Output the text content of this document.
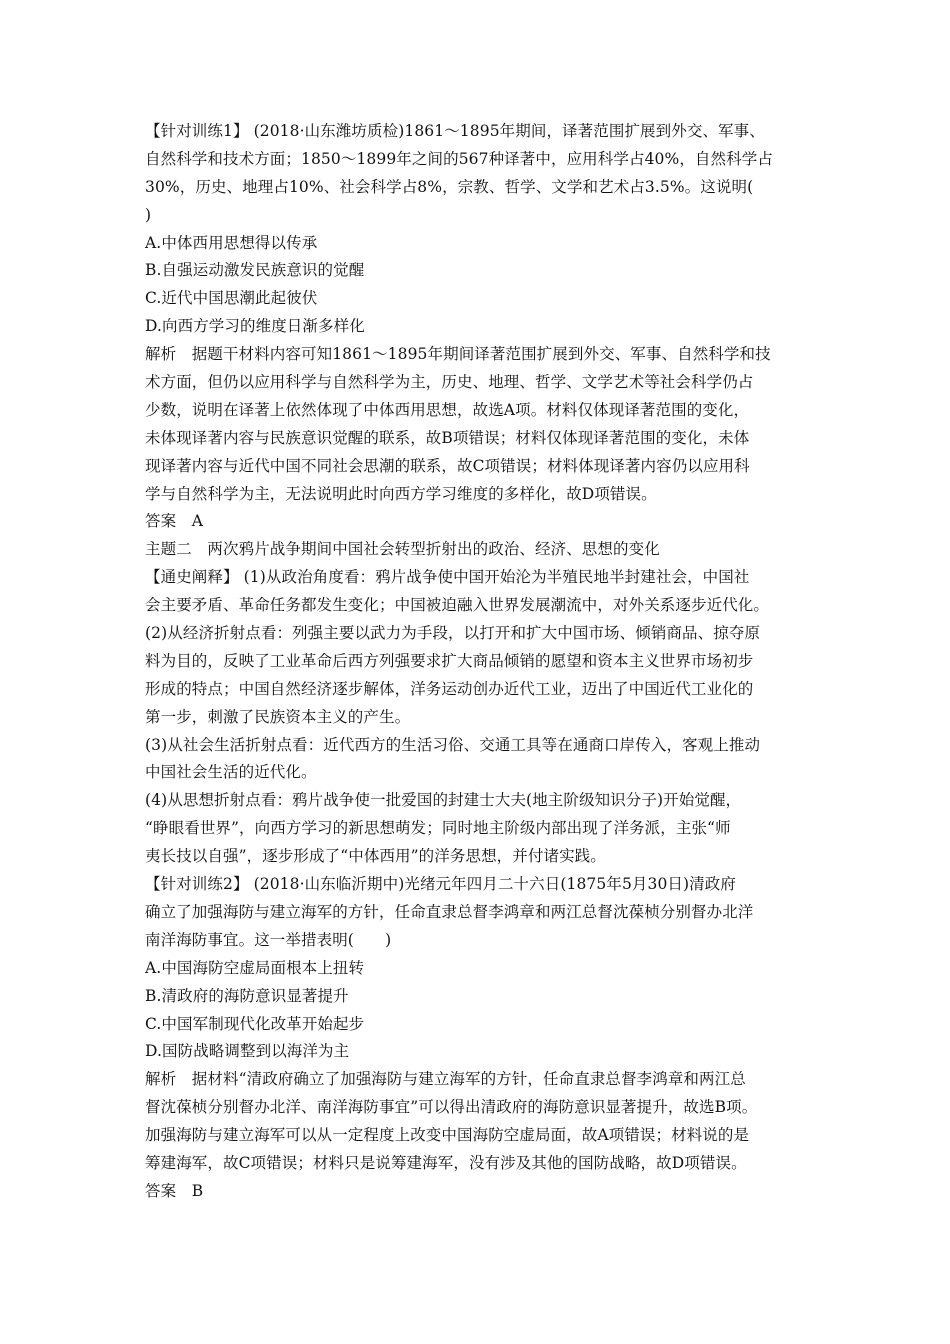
【针对训练1】 (2018·山东潍坊质检)1861～1895年期间，译著范围扩展到外交、军事、
自然科学和技术方面；1850～1899年之间的567种译著中，应用科学占40%，自然科学占
30%，历史、地理占10%、社会科学占8%，宗教、哲学、文学和艺术占3.5%。这说明(
)
A.中体西用思想得以传承
B.自强运动激发民族意识的觉醒
C.近代中国思潮此起彼伏
D.向西方学习的维度日渐多样化
解析　据题干材料内容可知1861～1895年期间译著范围扩展到外交、军事、自然科学和技
术方面，但仍以应用科学与自然科学为主，历史、地理、哲学、文学艺术等社会科学仍占
少数，说明在译著上依然体现了中体西用思想，故选A项。材料仅体现译著范围的变化，
未体现译著内容与民族意识觉醒的联系，故B项错误；材料仅体现译著范围的变化，未体
现译著内容与近代中国不同社会思潮的联系，故C项错误；材料体现译著内容仍以应用科
学与自然科学为主，无法说明此时向西方学习维度的多样化，故D项错误。
答案　A
主题二　两次鸦片战争期间中国社会转型折射出的政治、经济、思想的变化
【通史阐释】 (1)从政治角度看：鸦片战争使中国开始沦为半殖民地半封建社会，中国社
会主要矛盾、革命任务都发生变化；中国被迫融入世界发展潮流中，对外关系逐步近代化。
(2)从经济折射点看：列强主要以武力为手段，以打开和扩大中国市场、倾销商品、掠夺原
料为目的，反映了工业革命后西方列强要求扩大商品倾销的愿望和资本主义世界市场初步
形成的特点；中国自然经济逐步解体，洋务运动创办近代工业，迈出了中国近代工业化的
第一步，刺激了民族资本主义的产生。
(3)从社会生活折射点看：近代西方的生活习俗、交通工具等在通商口岸传入，客观上推动
中国社会生活的近代化。
(4)从思想折射点看：鸦片战争使一批爱国的封建士大夫(地主阶级知识分子)开始觉醒，
“睁眼看世界”，向西方学习的新思想萌发；同时地主阶级内部出现了洋务派，主张“师
夷长技以自强”，逐步形成了“中体西用”的洋务思想，并付诸实践。
【针对训练2】 (2018·山东临沂期中)光绪元年四月二十六日(1875年5月30日)清政府
确立了加强海防与建立海军的方针，任命直隶总督李鸿章和两江总督沈葆桢分别督办北洋
南洋海防事宜。这一举措表明(　　)
A.中国海防空虚局面根本上扭转
B.清政府的海防意识显著提升
C.中国军制现代化改革开始起步
D.国防战略调整到以海洋为主
解析　据材料“清政府确立了加强海防与建立海军的方针，任命直隶总督李鸿章和两江总
督沈葆桢分别督办北洋、南洋海防事宜”可以得出清政府的海防意识显著提升，故选B项。
加强海防与建立海军可以从一定程度上改变中国海防空虚局面，故A项错误；材料说的是
筹建海军，故C项错误；材料只是说筹建海军，没有涉及其他的国防战略，故D项错误。
答案　B
